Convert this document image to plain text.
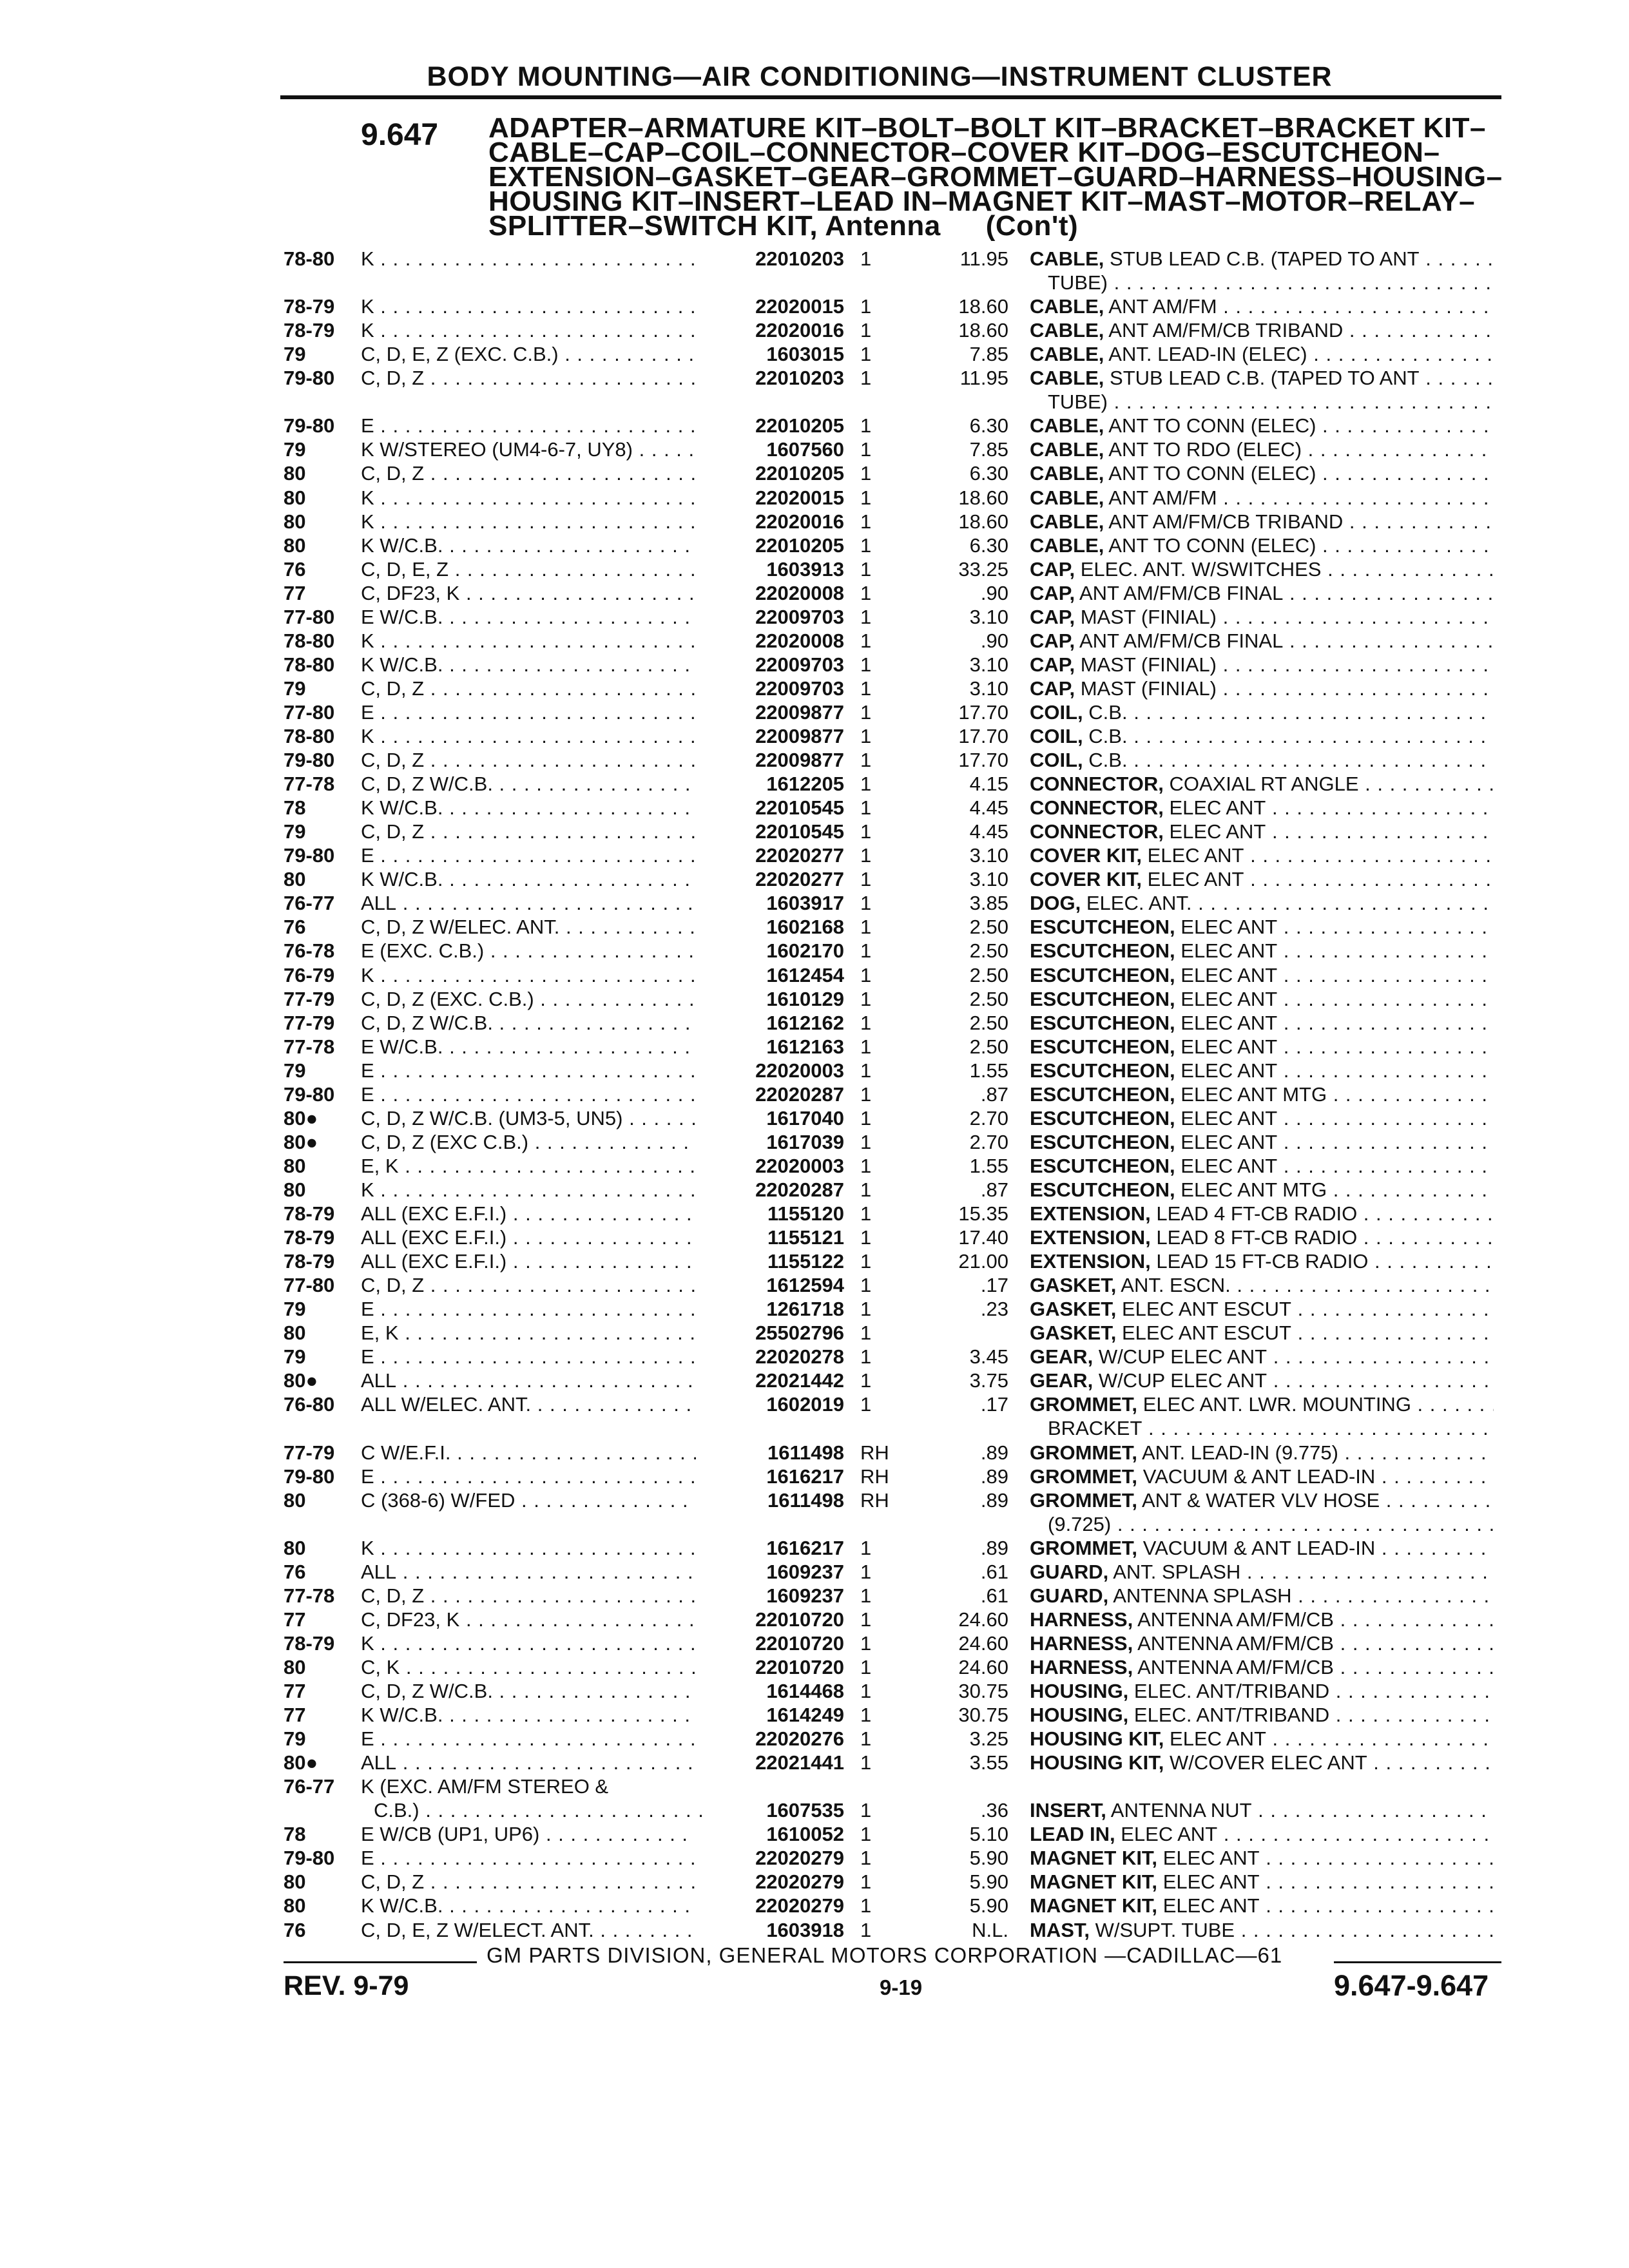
BODY MOUNTING—AIR CONDITIONING—INSTRUMENT CLUSTER
9.647 ADAPTER–ARMATURE KIT–BOLT–BOLT KIT–BRACKET–BRACKET KIT–
CABLE–CAP–COIL–CONNECTOR–COVER KIT–DOG–ESCUTCHEON–
EXTENSION–GASKET–GEAR–GROMMET–GUARD–HARNESS–HOUSING–
HOUSING KIT–INSERT–LEAD IN–MAGNET KIT–MAST–MOTOR–RELAY–
SPLITTER–SWITCH KIT, Antenna (Con't)
78-80 K . . .	22010203 1	11.95 CABLE, STUB LEAD C.B. (TAPED TO ANT . . .
TUBE) . . .
78-79 K . . .	22020015 1	18.60 CABLE, ANT AM/FM . . .
78-79 K . . .	22020016 1	18.60 CABLE, ANT AM/FM/CB TRIBAND . . .
79	C, D, E, Z (EXC. C.B.) . . .	1603015 1	7.85 CABLE, ANT. LEAD-IN (ELEC) . . .
79-80 C, D, Z . . .	22010203 1	11.95 CABLE, STUB LEAD C.B. (TAPED TO ANT . . .
TUBE) . . .
79-80 E . . .	22010205 1	6.30 CABLE, ANT TO CONN (ELEC) . . .
79	K W/STEREO (UM4-6-7, UY8) . . .	1607560 1	7.85 CABLE, ANT TO RDO (ELEC) . . .
80	C, D, Z . . .	22010205 1	6.30 CABLE, ANT TO CONN (ELEC) . . .
80	K . . .	22020015 1	18.60 CABLE, ANT AM/FM . . .
80	K . . .	22020016 1	18.60 CABLE, ANT AM/FM/CB TRIBAND . . .
80	K W/C.B. . . .	22010205 1	6.30 CABLE, ANT TO CONN (ELEC) . . .
76	C, D, E, Z . . .	1603913 1	33.25 CAP, ELEC. ANT. W/SWITCHES . . .
77	C, DF23, K . . .	22020008 1	.90 CAP, ANT AM/FM/CB FINAL . . .
77-80 E W/C.B. . . .	22009703 1	3.10 CAP, MAST (FINIAL) . . .
78-80 K . . .	22020008 1	.90 CAP, ANT AM/FM/CB FINAL . . .
78-80 K W/C.B. . . .	22009703 1	3.10 CAP, MAST (FINIAL) . . .
79	C, D, Z . . .	22009703 1	3.10 CAP, MAST (FINIAL) . . .
77-80 E . . .	22009877 1	17.70 COIL, C.B. . . .
78-80 K . . .	22009877 1	17.70 COIL, C.B. . . .
79-80 C, D, Z . . .	22009877 1	17.70 COIL, C.B. . . .
77-78 C, D, Z W/C.B. . . .	1612205 1	4.15 CONNECTOR, COAXIAL RT ANGLE . . .
78	K W/C.B. . . .	22010545 1	4.45 CONNECTOR, ELEC ANT . . .
79	C, D, Z . . .	22010545 1	4.45 CONNECTOR, ELEC ANT . . .
79-80 E . . .	22020277 1	3.10 COVER KIT, ELEC ANT . . .
80	K W/C.B. . . .	22020277 1	3.10 COVER KIT, ELEC ANT . . .
76-77 ALL . . .	1603917 1	3.85 DOG, ELEC. ANT. . . .
76	C, D, Z W/ELEC. ANT. . . .	1602168 1	2.50 ESCUTCHEON, ELEC ANT . . .
76-78 E (EXC. C.B.) . . .	1602170 1	2.50 ESCUTCHEON, ELEC ANT . . .
76-79 K . . .	1612454 1	2.50 ESCUTCHEON, ELEC ANT . . .
77-79 C, D, Z (EXC. C.B.) . . .	1610129 1	2.50 ESCUTCHEON, ELEC ANT . . .
77-79 C, D, Z W/C.B. . . .	1612162 1	2.50 ESCUTCHEON, ELEC ANT . . .
77-78 E W/C.B. . . .	1612163 1	2.50 ESCUTCHEON, ELEC ANT . . .
79	E . . .	22020003 1	1.55 ESCUTCHEON, ELEC ANT . . .
79-80 E . . .	22020287 1	.87 ESCUTCHEON, ELEC ANT MTG . . .
80● C, D, Z W/C.B. (UM3-5, UN5) . . .	1617040 1	2.70 ESCUTCHEON, ELEC ANT . . .
80● C, D, Z (EXC C.B.) . . .	1617039 1	2.70 ESCUTCHEON, ELEC ANT . . .
80	E, K . . .	22020003 1	1.55 ESCUTCHEON, ELEC ANT . . .
80	K . . .	22020287 1	.87 ESCUTCHEON, ELEC ANT MTG . . .
78-79 ALL (EXC E.F.I.) . . .	1155120 1	15.35 EXTENSION, LEAD 4 FT-CB RADIO . . .
78-79 ALL (EXC E.F.I.) . . .	1155121 1	17.40 EXTENSION, LEAD 8 FT-CB RADIO . . .
78-79 ALL (EXC E.F.I.) . . .	1155122 1	21.00 EXTENSION, LEAD 15 FT-CB RADIO . . .
77-80 C, D, Z . . .	1612594 1	.17 GASKET, ANT. ESCN. . . .
79	E . . .	1261718 1	.23 GASKET, ELEC ANT ESCUT . . .
80	E, K . . .	25502796 1	GASKET, ELEC ANT ESCUT . . .
79	E . . .	22020278 1	3.45 GEAR, W/CUP ELEC ANT . . .
80● ALL . . .	22021442 1	3.75 GEAR, W/CUP ELEC ANT . . .
76-80 ALL W/ELEC. ANT. . . .	1602019 1	.17 GROMMET, ELEC ANT. LWR. MOUNTING . . .
BRACKET . . .
77-79 C W/E.F.I. . . .	1611498 RH	.89 GROMMET, ANT. LEAD-IN (9.775) . . .
79-80 E . . .	1616217 RH	.89 GROMMET, VACUUM & ANT LEAD-IN . . .
80	C (368-6) W/FED . . .	1611498 RH	.89 GROMMET, ANT & WATER VLV HOSE . . .
(9.725) . . .
80	K . . .	1616217 1	.89 GROMMET, VACUUM & ANT LEAD-IN . . .
76	ALL . . .	1609237 1	.61 GUARD, ANT. SPLASH . . .
77-78 C, D, Z . . .	1609237 1	.61 GUARD, ANTENNA SPLASH . . .
77	C, DF23, K . . .	22010720 1	24.60 HARNESS, ANTENNA AM/FM/CB . . .
78-79 K . . .	22010720 1	24.60 HARNESS, ANTENNA AM/FM/CB . . .
80	C, K . . .	22010720 1	24.60 HARNESS, ANTENNA AM/FM/CB . . .
77	C, D, Z W/C.B. . . .	1614468 1	30.75 HOUSING, ELEC. ANT/TRIBAND . . .
77	K W/C.B. . . .	1614249 1	30.75 HOUSING, ELEC. ANT/TRIBAND . . .
79	E . . .	22020276 1	3.25 HOUSING KIT, ELEC ANT . . .
80● ALL . . .	22021441 1	3.55 HOUSING KIT, W/COVER ELEC ANT . . .
76-77 K (EXC. AM/FM STEREO &
C.B.) . . .	1607535 1	.36 INSERT, ANTENNA NUT . . .
78	E W/CB (UP1, UP6) . . .	1610052 1	5.10 LEAD IN, ELEC ANT . . .
79-80 E . . .	22020279 1	5.90 MAGNET KIT, ELEC ANT . . .
80	C, D, Z . . .	22020279 1	5.90 MAGNET KIT, ELEC ANT . . .
80	K W/C.B. . . .	22020279 1	5.90 MAGNET KIT, ELEC ANT . . .
76	C, D, E, Z W/ELECT. ANT. . . .	1603918 1	N.L. MAST, W/SUPT. TUBE . . .
GM PARTS DIVISION, GENERAL MOTORS CORPORATION —CADILLAC—61
REV. 9-79	9-19	9.647-9.647
